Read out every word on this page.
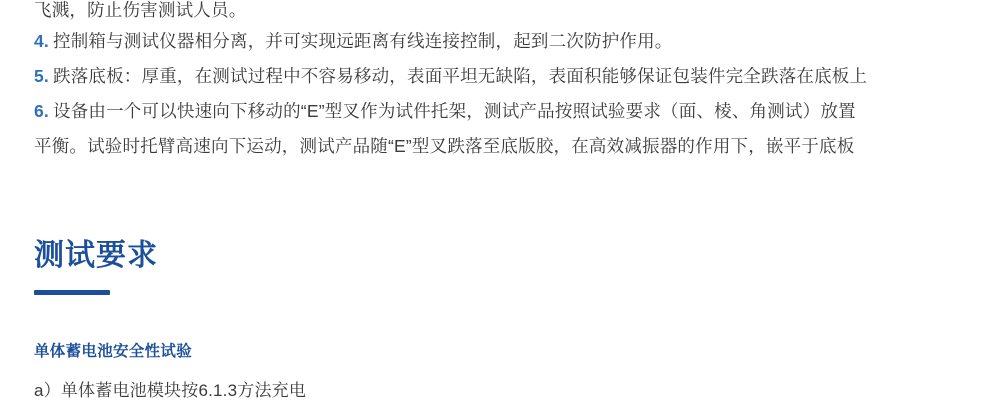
飞溅，防止伤害测试人员。
4. 控制箱与测试仪器相分离，并可实现远距离有线连接控制，起到二次防护作用。
5. 跌落底板：厚重，在测试过程中不容易移动，表面平坦无缺陷，表面积能够保证包装件完全跌落在底板上
6. 设备由一个可以快速向下移动的“E”型叉作为试件托架，测试产品按照试验要求（面、棱、角测试）放置
平衡。试验时托臂高速向下运动，测试产品随“E”型叉跌落至底版胶，在高效减振器的作用下，嵌平于底板
测试要求
单体蓄电池安全性试验
a）单体蓄电池模块按6.1.3方法充电
